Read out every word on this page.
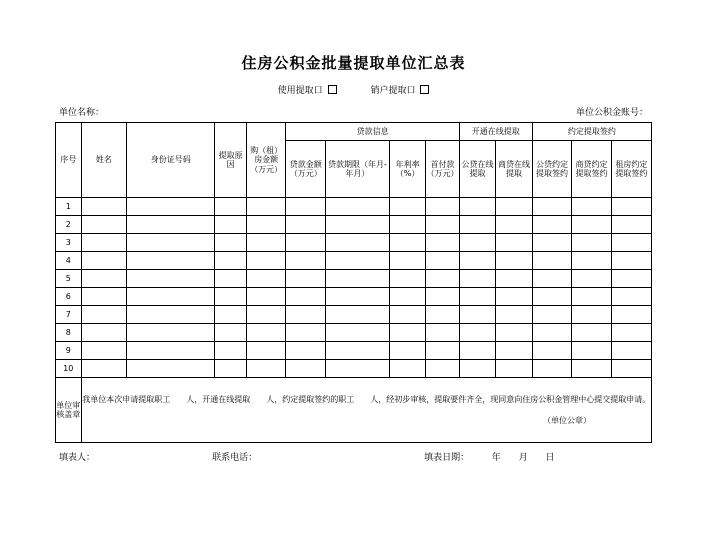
住房公积金批量提取单位汇总表
使用提取口	销户提取口
单位名称：	单位公积金账号：
序号	姓名	身份证号码	提取原因	购（租）房金额（万元）	贷款信息				开通在线提取		约定提取签约		
					贷款金额（万元）	贷款期限（年月-年月）	年利率（%）	首付款（万元）	公贷在线提取	商贷在线提取	公贷约定提取签约	商贷约定提取签约	租房约定提取签约
1													
2													
3													
4													
5													
6													
7													
8													
9													
10													
单位审核盖章	我单位本次申请提取职工　　人，开通在线提取　　人，约定提取签约的职工　　人，经初步审核，提取要件齐全，现同意向住房公积金管理中心提交提取申请。
（单位公章）												
填表人：	联系电话：	填表日期：　　　年　　月　　日
